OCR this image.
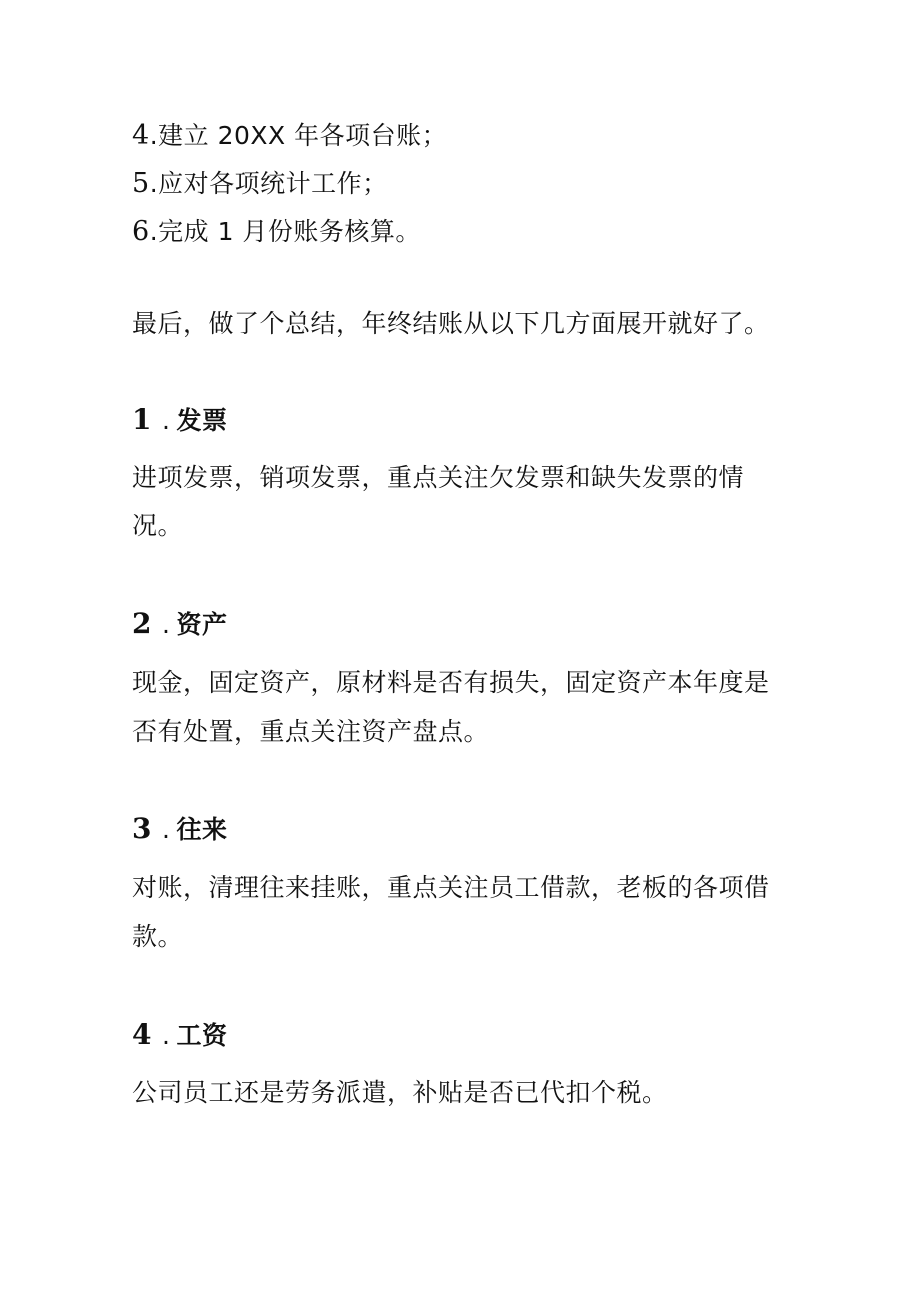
4.建立 20XX 年各项台账；

5.应对各项统计工作；

6.完成 1 月份账务核算。

最后，做了个总结，年终结账从以下几方面展开就好了。

1 . 发票

进项发票，销项发票，重点关注欠发票和缺失发票的情

况。

2 . 资产

现金，固定资产，原材料是否有损失，固定资产本年度是

否有处置，重点关注资产盘点。

3 . 往来

对账，清理往来挂账，重点关注员工借款，老板的各项借

款。

4 . 工资

公司员工还是劳务派遣，补贴是否已代扣个税。
